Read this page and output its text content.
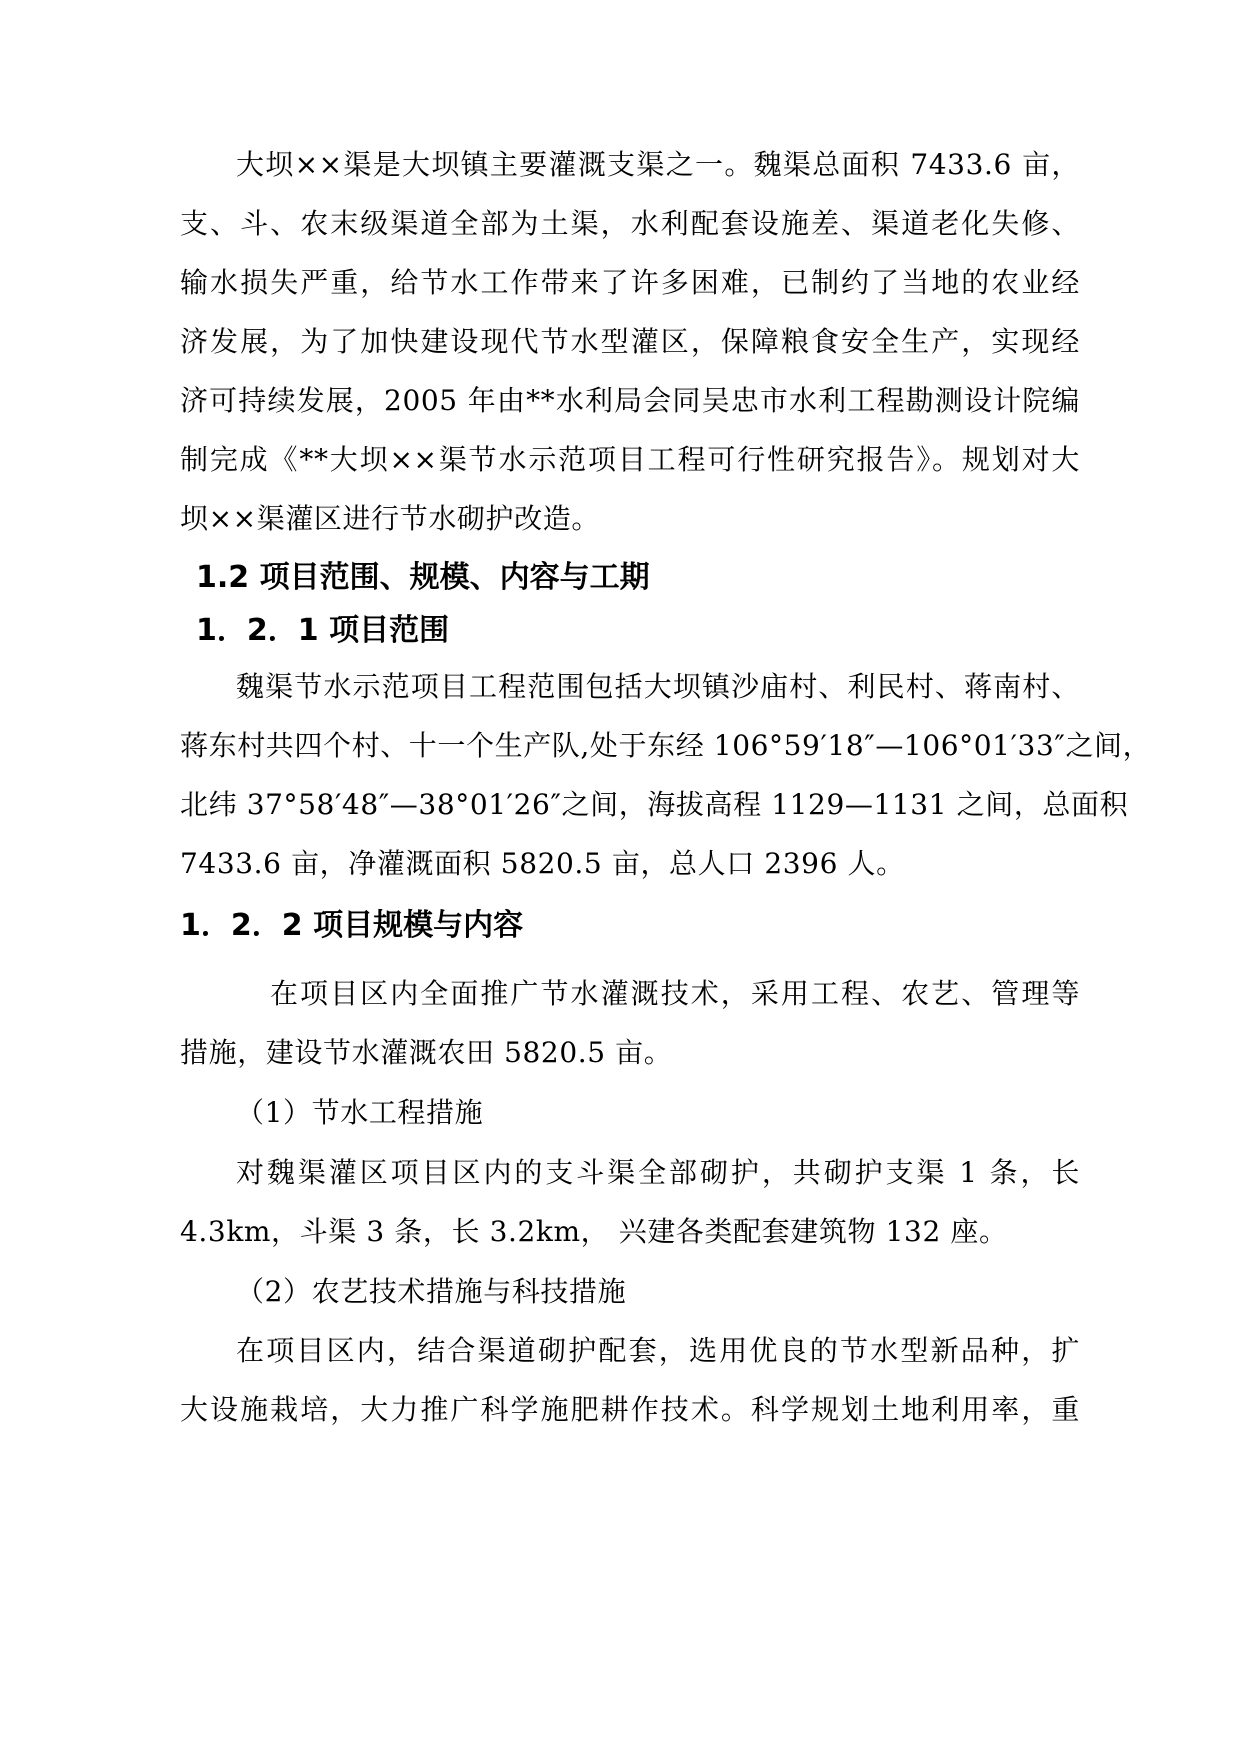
大坝××渠是大坝镇主要灌溉支渠之一。魏渠总面积 7433.6 亩，
支、斗、农末级渠道全部为土渠，水利配套设施差、渠道老化失修、
输水损失严重，给节水工作带来了许多困难，已制约了当地的农业经
济发展，为了加快建设现代节水型灌区，保障粮食安全生产，实现经
济可持续发展，2005 年由**水利局会同吴忠市水利工程勘测设计院编
制完成《**大坝××渠节水示范项目工程可行性研究报告》。规划对大
坝××渠灌区进行节水砌护改造。
1.2 项目范围、规模、内容与工期
1．2．1 项目范围
魏渠节水示范项目工程范围包括大坝镇沙庙村、利民村、蒋南村、
蒋东村共四个村、十一个生产队,处于东经 106°59′18″—106°01′33″之间，
北纬 37°58′48″—38°01′26″之间，海拔高程 1129—1131 之间，总面积
7433.6 亩，净灌溉面积 5820.5 亩，总人口 2396 人。
1．2．2 项目规模与内容
在项目区内全面推广节水灌溉技术，采用工程、农艺、管理等
措施，建设节水灌溉农田 5820.5 亩。
（1）节水工程措施
对魏渠灌区项目区内的支斗渠全部砌护，共砌护支渠 1 条，长
4.3km，斗渠 3 条，长 3.2km， 兴建各类配套建筑物 132 座。
（2）农艺技术措施与科技措施
在项目区内，结合渠道砌护配套，选用优良的节水型新品种，扩
大设施栽培，大力推广科学施肥耕作技术。科学规划土地利用率，重
